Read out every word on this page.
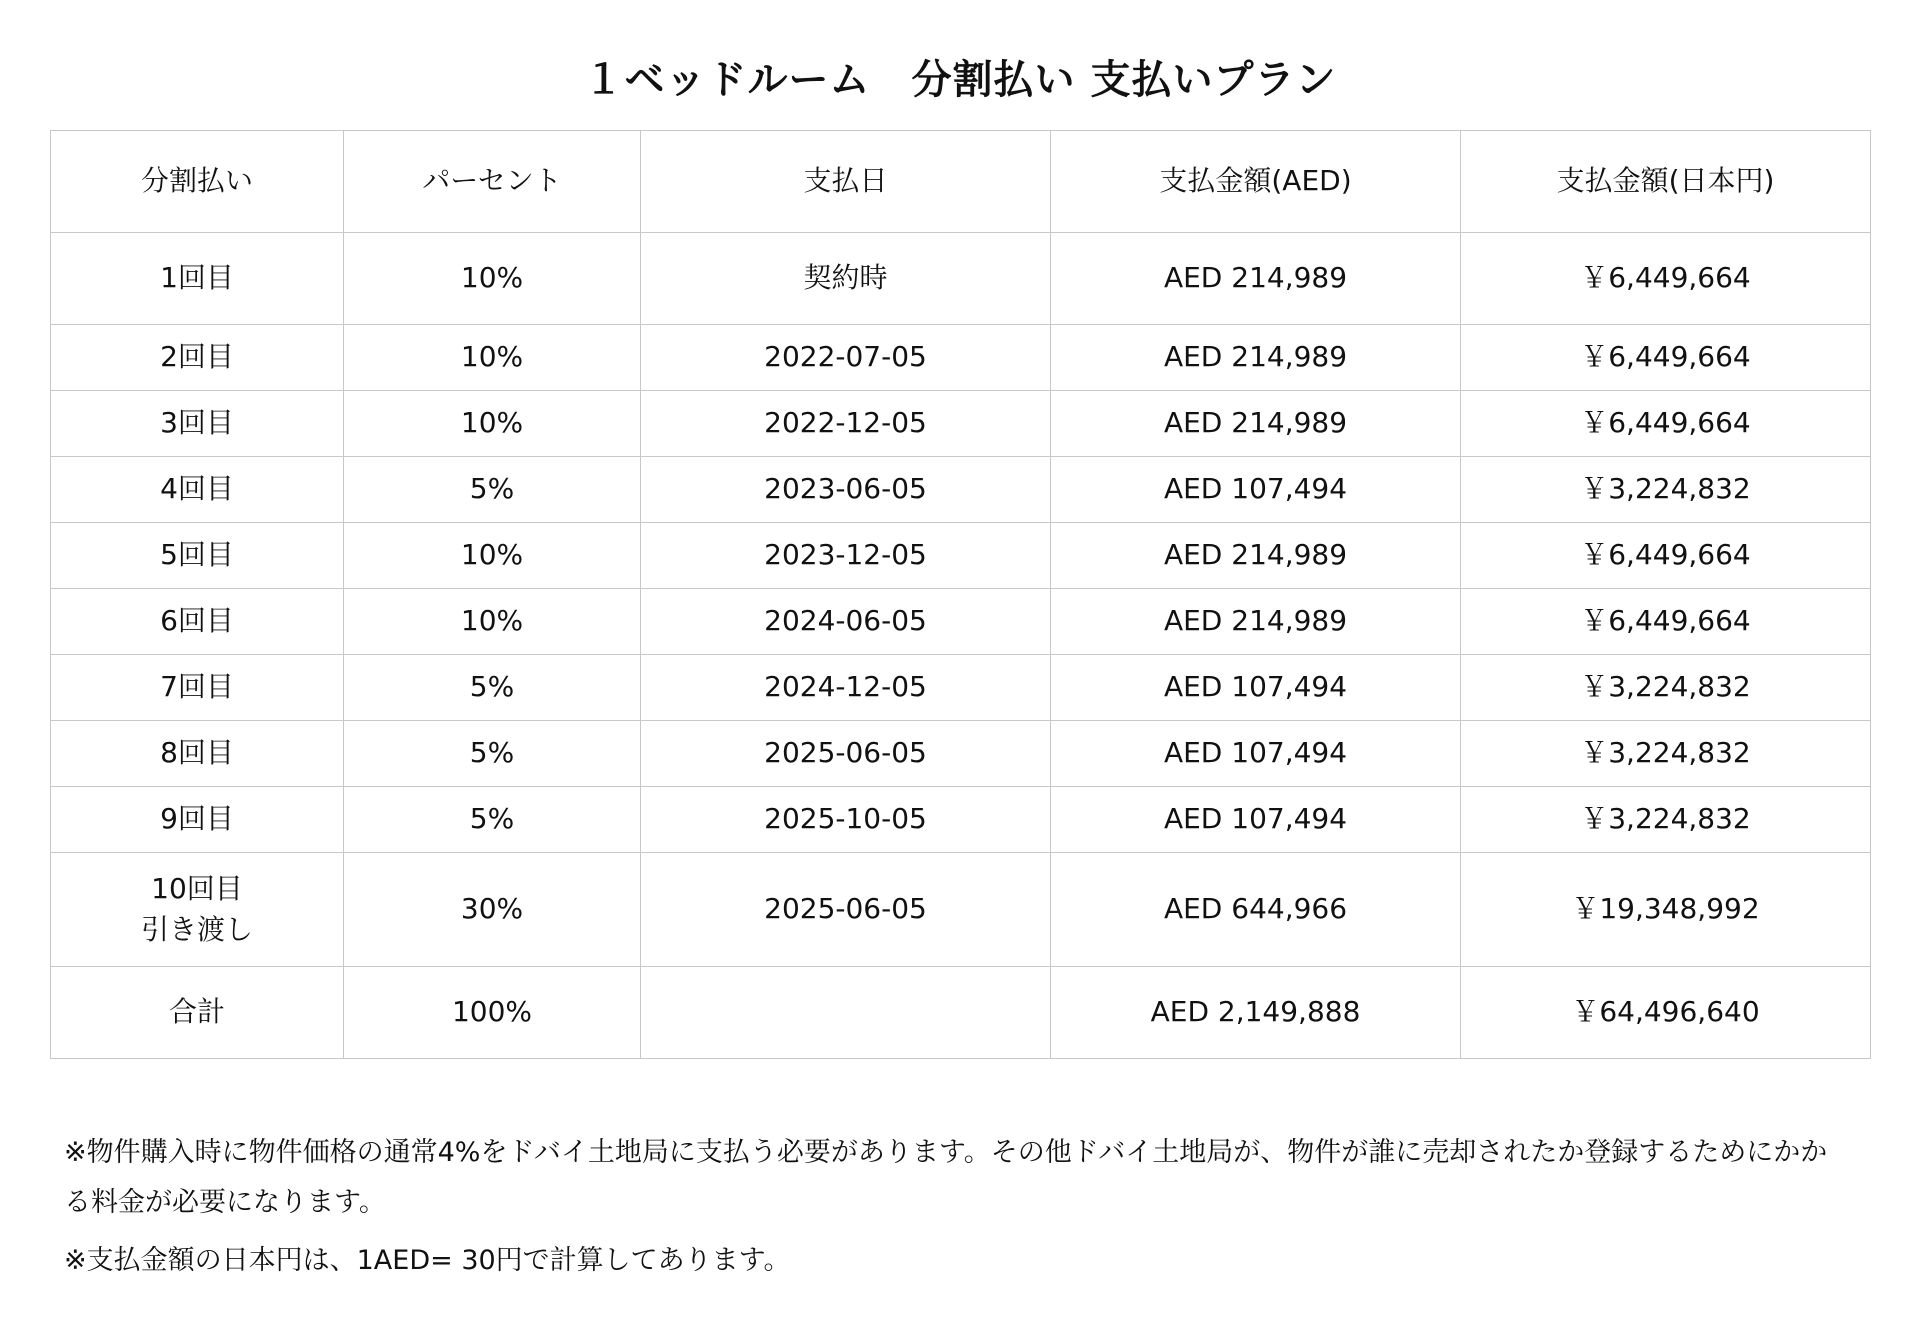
１ベッドルーム　分割払い 支払いプラン
分割払い	パーセント	支払日	支払金額(AED)	支払金額(日本円)
1回目	10%	契約時	AED 214,989	￥6,449,664
2回目	10%	2022-07-05	AED 214,989	￥6,449,664
3回目	10%	2022-12-05	AED 214,989	￥6,449,664
4回目	5%	2023-06-05	AED 107,494	￥3,224,832
5回目	10%	2023-12-05	AED 214,989	￥6,449,664
6回目	10%	2024-06-05	AED 214,989	￥6,449,664
7回目	5%	2024-12-05	AED 107,494	￥3,224,832
8回目	5%	2025-06-05	AED 107,494	￥3,224,832
9回目	5%	2025-10-05	AED 107,494	￥3,224,832

10回目
引き渡し	30%	2025-06-05	AED 644,966	￥19,348,992
合計	100%		AED 2,149,888	￥64,496,640

※物件購入時に物件価格の通常4%をドバイ土地局に支払う必要があります。その他ドバイ土地局が、物件が誰に売却されたか登録するためにかかる料金が必要になります。

※支払金額の日本円は、1AED= 30円で計算してあります。
